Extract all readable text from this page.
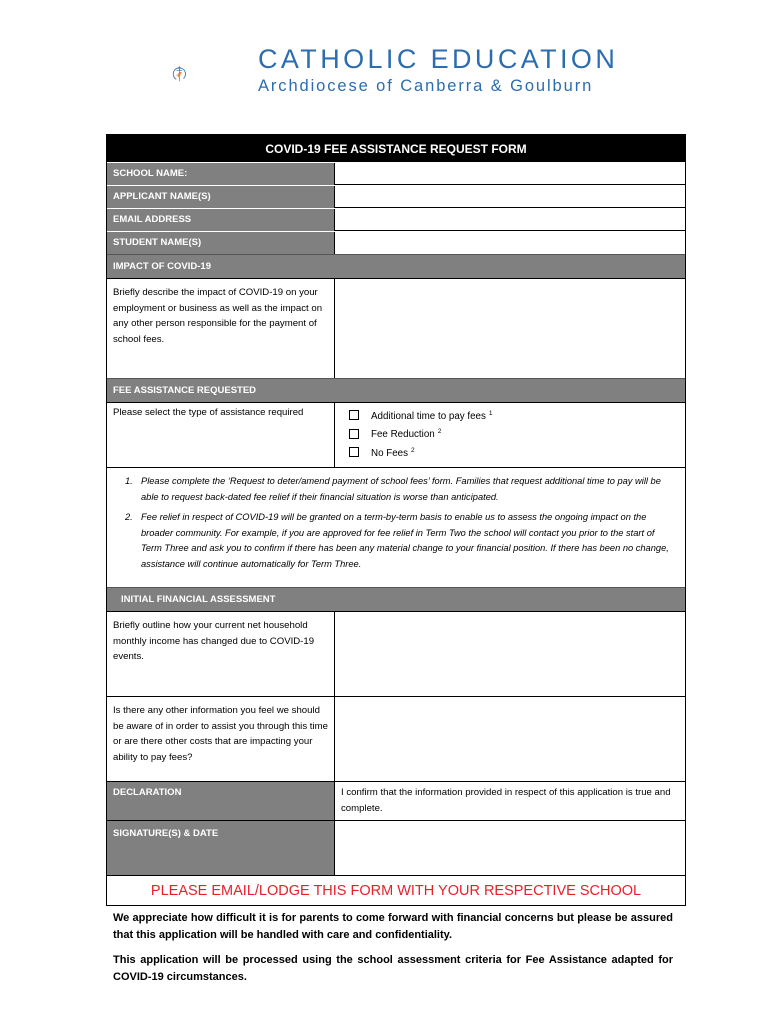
CATHOLIC EDUCATION
Archdiocese of Canberra & Goulburn
COVID-19 FEE ASSISTANCE REQUEST FORM
SCHOOL NAME:
APPLICANT NAME(S)
EMAIL ADDRESS
STUDENT NAME(S)
IMPACT OF COVID-19
Briefly describe the impact of COVID-19 on your employment or business as well as the impact on any other person responsible for the payment of school fees.
FEE ASSISTANCE REQUESTED
Please select the type of assistance required	Additional time to pay fees $^1$
Fee Reduction $^2$
No Fees $^2$
1. Please complete the ‘Request to deter/amend payment of school fees’ form. Families that request additional time to pay will be able to request back-dated fee relief if their financial situation is worse than anticipated.
2. Fee relief in respect of COVID-19 will be granted on a term-by-term basis to enable us to assess the ongoing impact on the broader community. For example, if you are approved for fee relief in Term Two the school will contact you prior to the start of Term Three and ask you to confirm if there has been any material change to your financial position. If there has been no change, assistance will continue automatically for Term Three.
INITIAL FINANCIAL ASSESSMENT
Briefly outline how your current net household monthly income has changed due to COVID-19 events.
Is there any other information you feel we should be aware of in order to assist you through this time or are there other costs that are impacting your ability to pay fees?
DECLARATION	I confirm that the information provided in respect of this application is true and complete.
SIGNATURE(S) & DATE
PLEASE EMAIL/LODGE THIS FORM WITH YOUR RESPECTIVE SCHOOL
We appreciate how difficult it is for parents to come forward with financial concerns but please be assured that this application will be handled with care and confidentiality.
This application will be processed using the school assessment criteria for Fee Assistance adapted for COVID-19 circumstances.
